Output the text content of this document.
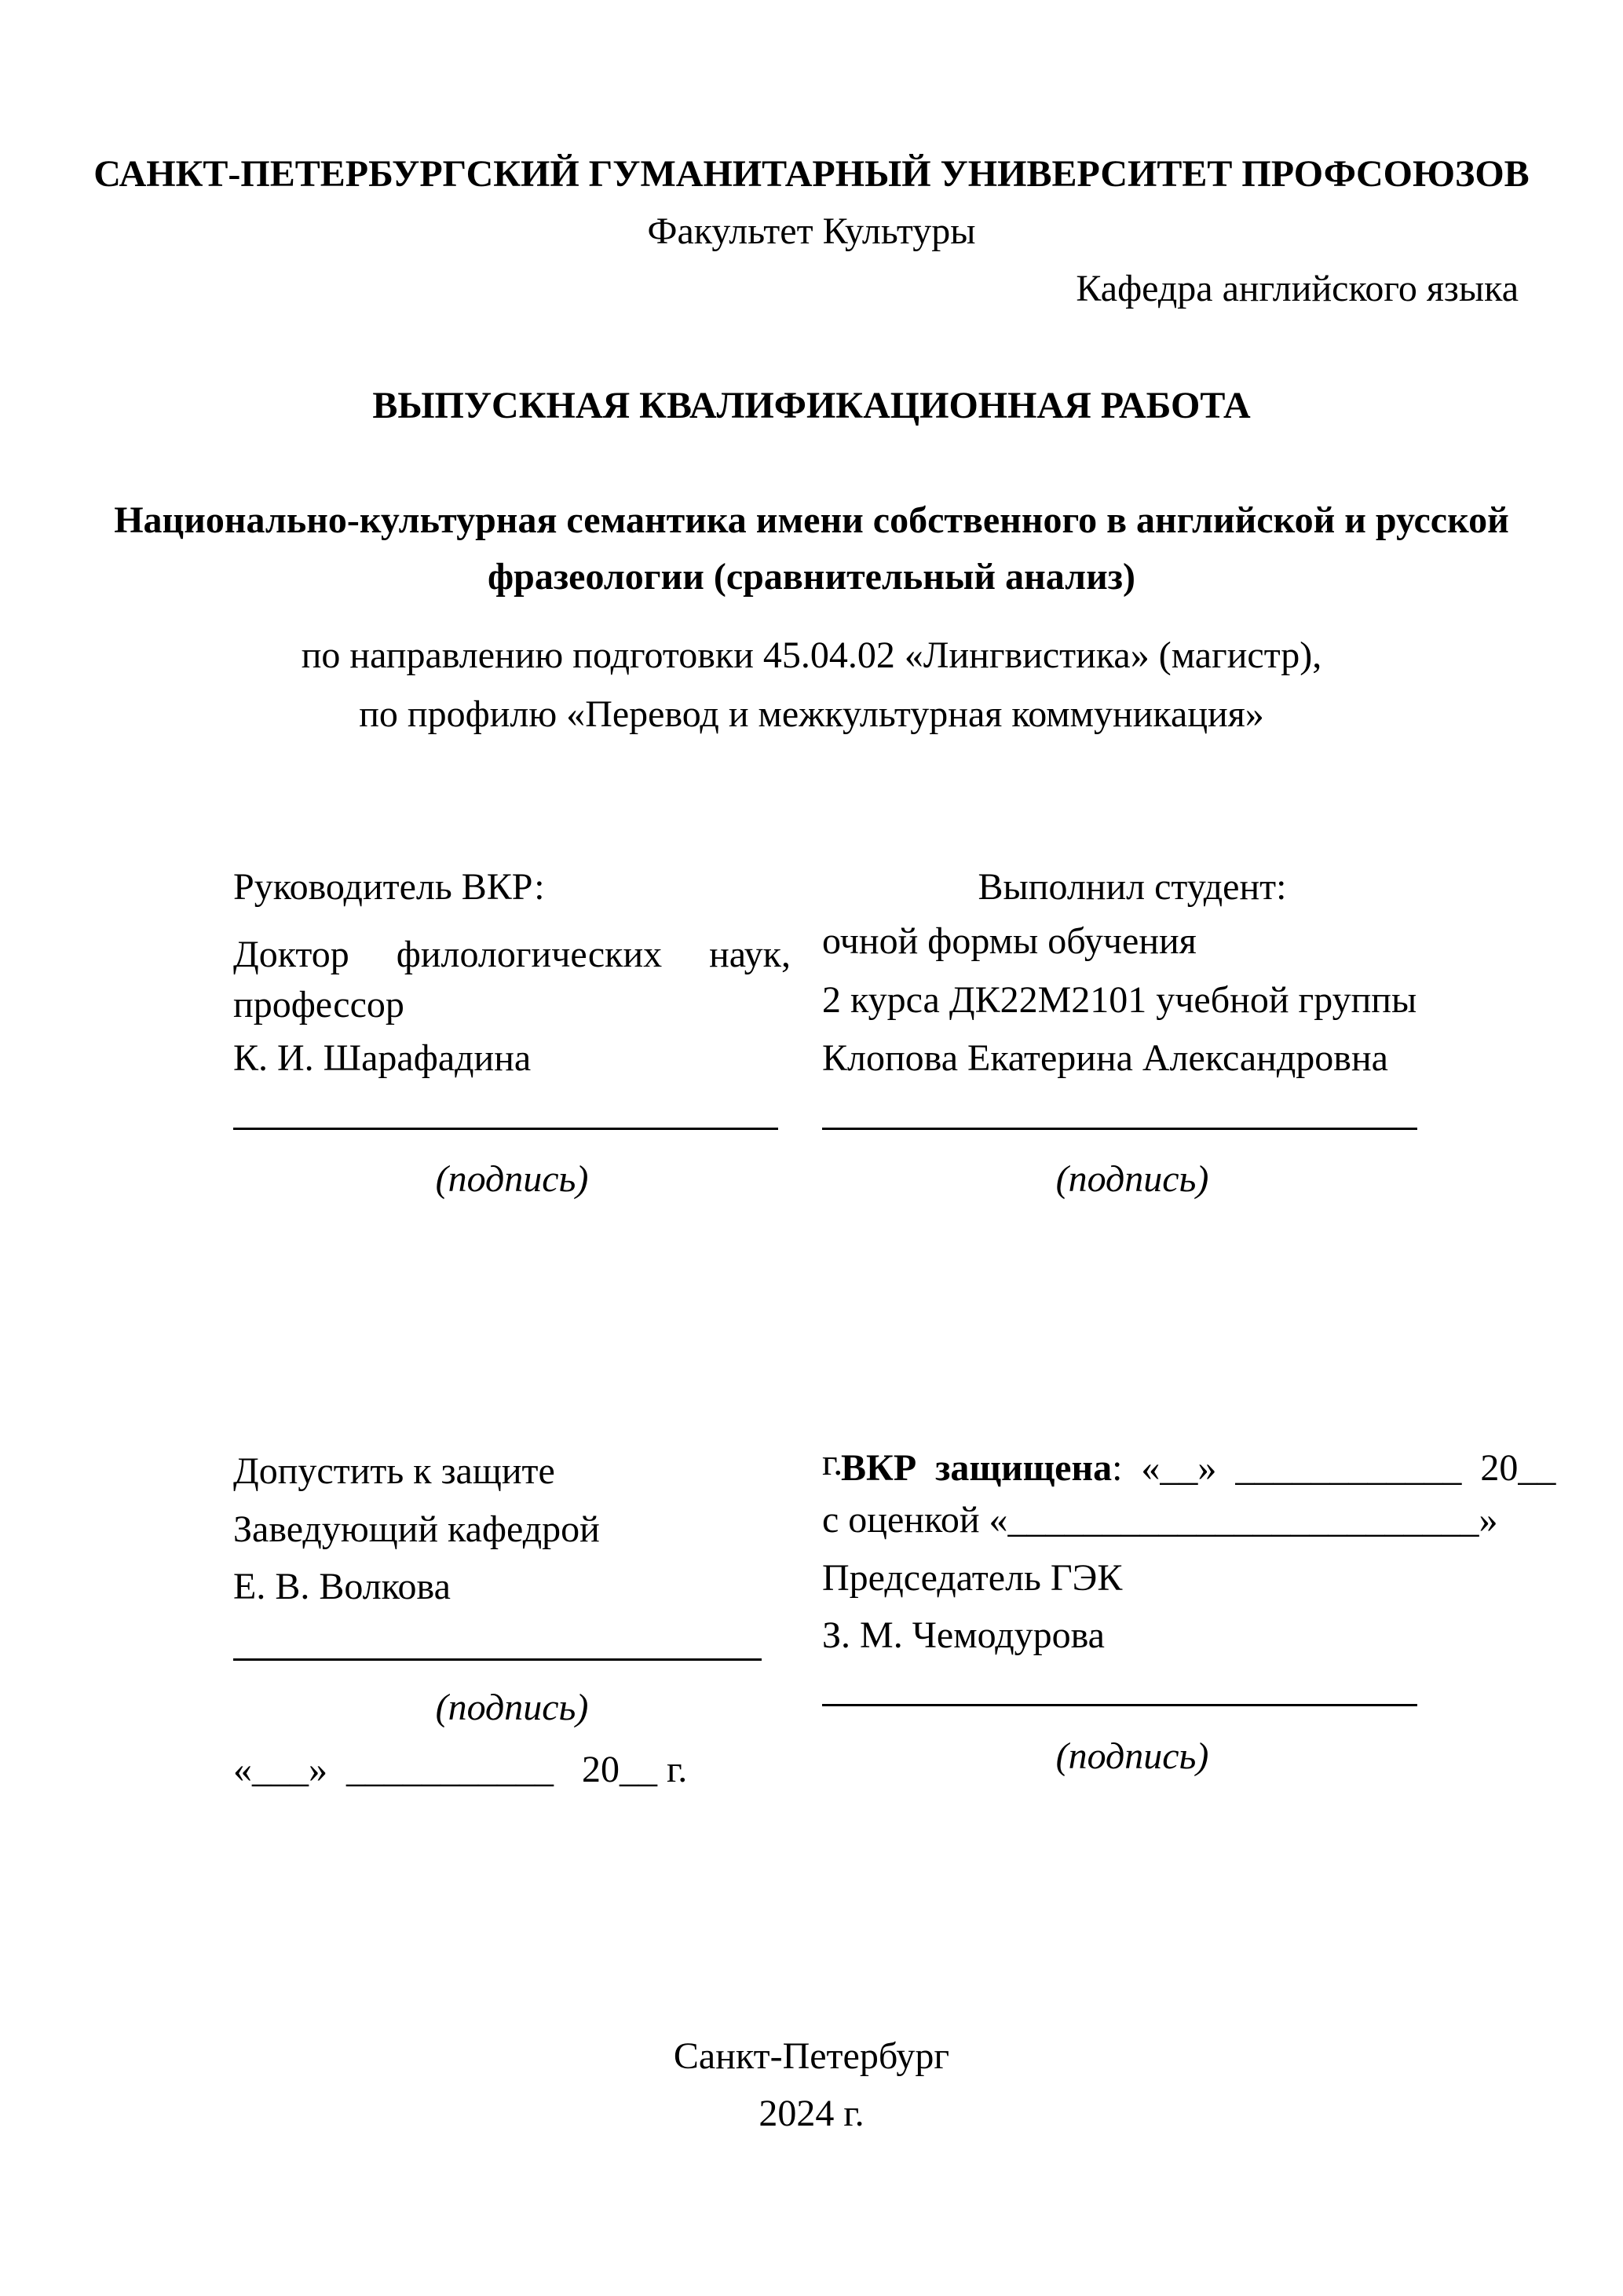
САНКТ-ПЕТЕРБУРГСКИЙ ГУМАНИТАРНЫЙ УНИВЕРСИТЕТ ПРОФСОЮЗОВ
Факультет Культуры
Кафедра английского языка
ВЫПУСКНАЯ КВАЛИФИКАЦИОННАЯ РАБОТА
Национально-культурная семантика имени собственного в английской и русской
фразеологии (сравнительный анализ)
по направлению подготовки 45.04.02 «Лингвистика» (магистр),
по профилю «Перевод и межкультурная коммуникация»
Руководитель ВКР:
Доктор филологических наук,
профессор
К. И. Шарафадина
(подпись)
Выполнил студент:
очной формы обучения
2 курса ДК22М2101 учебной группы
Клопова Екатерина Александровна
(подпись)
Допустить к защите
Заведующий кафедрой
Е. В. Волкова
(подпись)
«___»  ___________   20__ г.

ВКР  защищена:  «__»  ____________  20__

г.
с оценкой «_________________________»
Председатель ГЭК
З. М. Чемодурова
(подпись)
Санкт-Петербург
2024 г.
